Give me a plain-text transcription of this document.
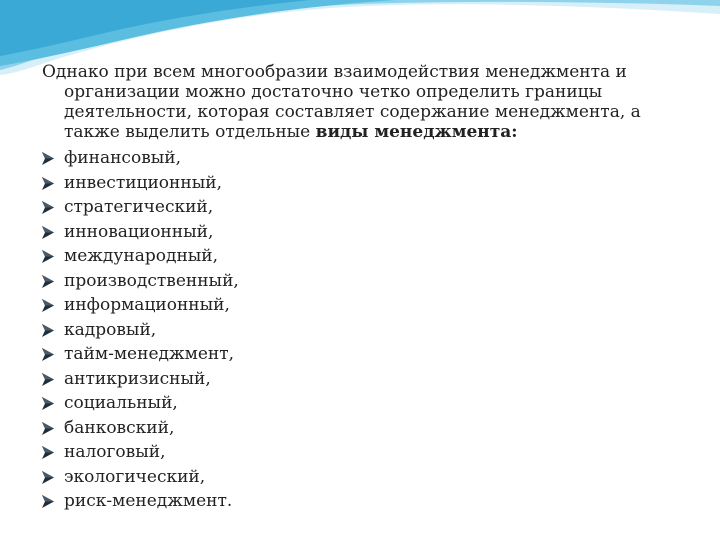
Однако при всем многообразии взаимодействия менеджмента и организации можно достаточно четко определить границы деятельности, которая составляет содержание менеджмента, а также выделить отдельные виды менеджмента:

финансовый,
инвестиционный,
стратегический,
инновационный,
международный,
производственный,
информационный,
кадровый,
тайм-менеджмент,
антикризисный,
социальный,
банковский,
налоговый,
экологический,
риск-менеджмент.
